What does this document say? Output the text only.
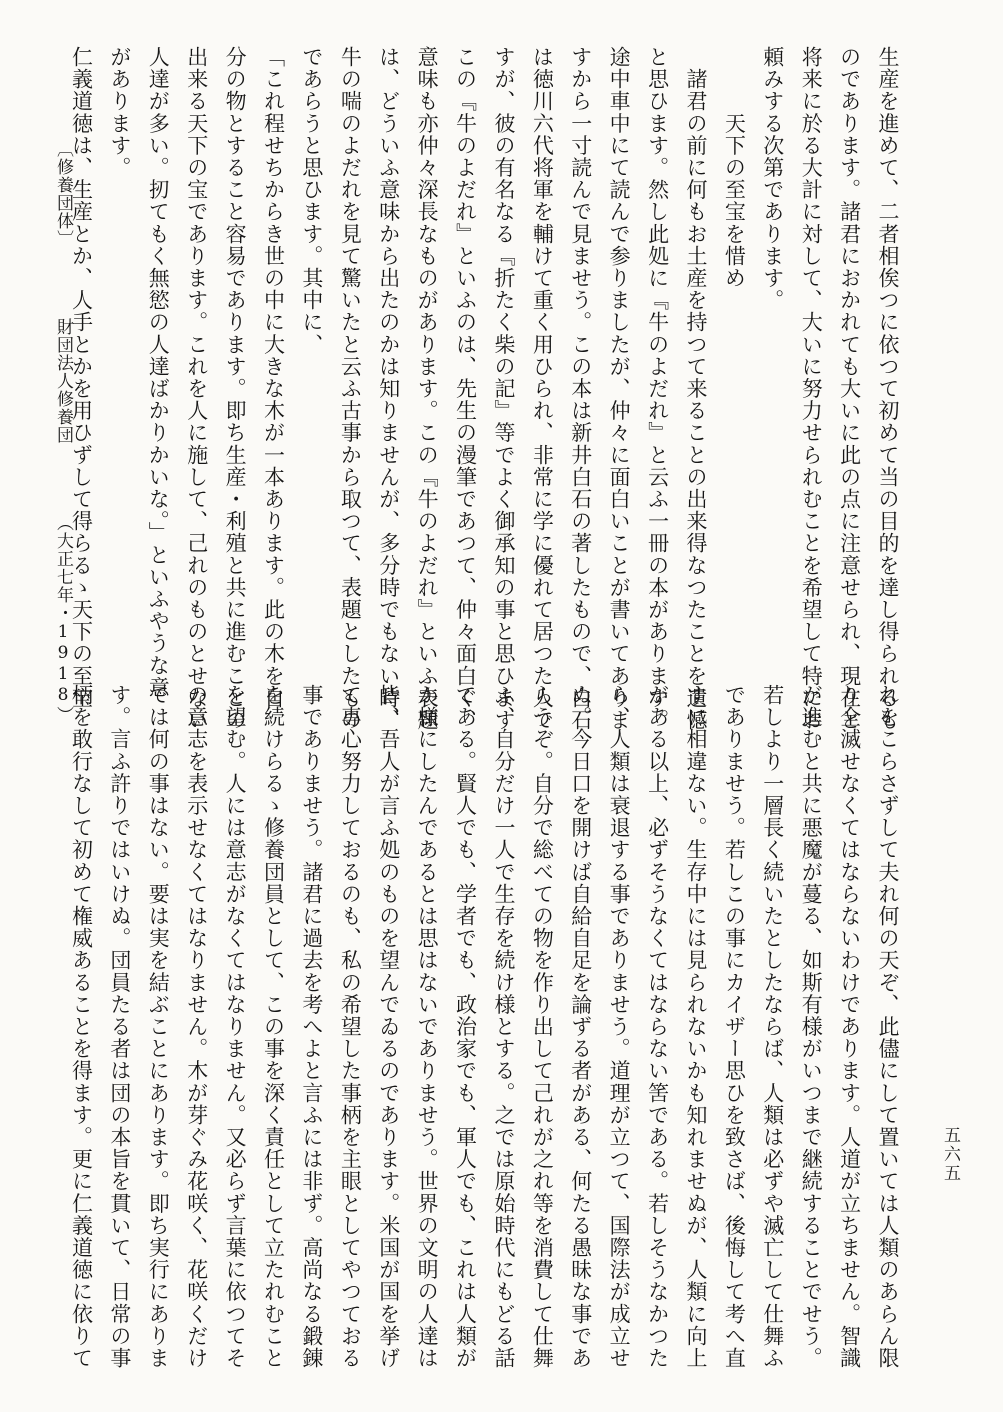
生産を進めて、二者相俟つに依つて初めて当の目的を達し得られるも

のであります。諸君におかれても大いに此の点に注意せられ、現在と

将来に於る大計に対して、大いに努力せられむことを希望して特にお

頼みする次第であります。

　　　天下の至宝を惜め

　諸君の前に何もお土産を持つて来ることの出来得なつたことを遺憾

と思ひます。然し此処に『牛のよだれ』と云ふ一冊の本があります。

途中車中にて読んで参りましたが、仲々に面白いことが書いてありま

すから一寸読んで見ませう。この本は新井白石の著したもので、白石

は徳川六代将軍を輔けて重く用ひられ、非常に学に優れて居つた人で

すが、彼の有名なる『折たく柴の記』等でよく御承知の事と思ひます

この『牛のよだれ』といふのは、先生の漫筆であつて、仲々面白く、

意味も亦仲々深長なものがあります。この『牛のよだれ』といふ表題

は、どういふ意味から出たのかは知りませんが、多分時でもない時、

牛の喘のよだれを見て驚いたと云ふ古事から取つて、表題としたもの

であらうと思ひます。其中に、

「これ程せちからき世の中に大きな木が一本あります。此の木を自

分の物とすること容易であります。即ち生産・利殖と共に進むことの

出来る天下の宝であります。これを人に施して、己れのものとせない

人達が多い。扨てもく無慾の人達ばかりかいな。」といふやうな意

があります。

仁義道徳は、生産とか、人手とかを用ひずして得らるゝ天下の至宝

れをこらさずして夫れ何の天ぞ、此儘にして置いては人類のあらん限

り全滅せなくてはならないわけであります。人道が立ちません。智識

が進むと共に悪魔が蔓る、如斯有様がいつまで継続することでせう。

若しより一層長く続いたとしたならば、人類は必ずや滅亡して仕舞ふ

でありませう。若しこの事にカイザー思ひを致さば、後悔して考へ直

すに相違ない。生存中には見られないかも知れませぬが、人類に向上

がある以上、必ずそうなくてはならない筈である。若しそうなかつた

ら、人類は衰退する事でありませう。道理が立つて、国際法が成立せ

ぬ。今日口を開けば自給自足を論ずる者がある、何たる愚昧な事であ

らうぞ。自分で総べての物を作り出して己れが之れ等を消費して仕舞

ふ、自分だけ一人で生存を続け様とする。之では原始時代にもどる話

である。賢人でも、学者でも、政治家でも、軍人でも、これは人類が

か様にしたんであるとは思はないでありませう。世界の文明の人達は

皆、吾人が言ふ処のものを望んでゐるのであります。米国が国を挙げ

て専心努力しておるのも、私の希望した事柄を主眼としてやつておる

事でありませう。諸君に過去を考へよと言ふには非ず。高尚なる鍛錬

を続けらるゝ修養団員として、この事を深く責任として立たれむこと

を望む。人には意志がなくてはなりません。又必らず言葉に依つてそ

の意志を表示せなくてはなりません。木が芽ぐみ花咲く、花咲くだけ

では何の事はない。要は実を結ぶことにあります。即ち実行にありま

す。言ふ許りではいけぬ。団員たる者は団の本旨を貫いて、日常の事

柄を敢行なして初めて権威あることを得ます。更に仁義道徳に依りて

〔修養団体〕  財団法人修養団  （大正七年・1918）
五六五
